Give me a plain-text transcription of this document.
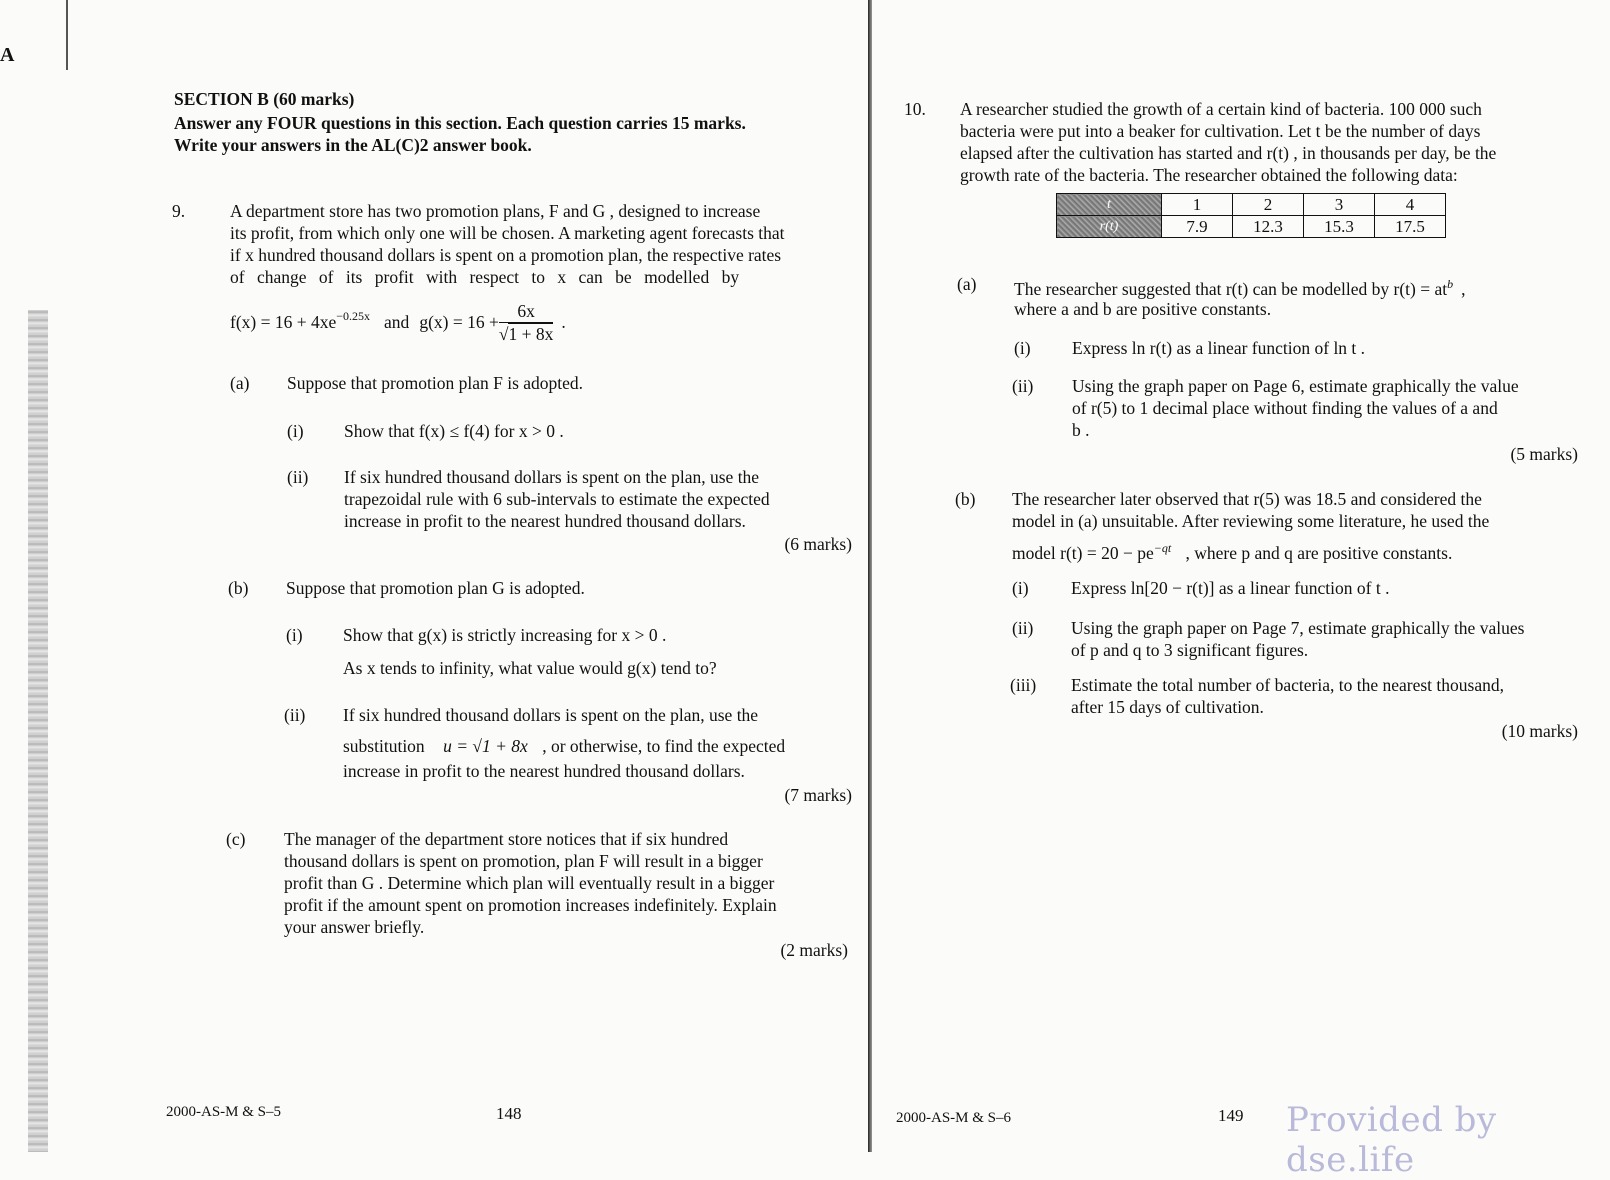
A
SECTION B (60 marks)
Answer any FOUR questions in this section. Each question carries 15 marks.
Write your answers in the AL(C)2 answer book.
9.	A department store has two promotion plans, F and G , designed to increase
its profit, from which only one will be chosen. A marketing agent forecasts that
if x hundred thousand dollars is spent on a promotion plan, the respective rates
of change of its profit with respect to x can be modelled by
$f(x) = 16 + 4xe^{-0.25x}$ and $g(x) = 16 + \frac{6x}{√1 + 8x}$ .
(a) Suppose that promotion plan F is adopted.
(i) Show that f(x) ≤ f(4) for x > 0 .
(ii) If six hundred thousand dollars is spent on the plan, use the
trapezoidal rule with 6 sub-intervals to estimate the expected
increase in profit to the nearest hundred thousand dollars.
(6 marks)
(b) Suppose that promotion plan G is adopted.
(i) Show that g(x) is strictly increasing for x > 0 .
As x tends to infinity, what value would g(x) tend to?
(ii) If six hundred thousand dollars is spent on the plan, use the
substitution u = √1 + 8x , or otherwise, to find the expected
increase in profit to the nearest hundred thousand dollars.
(7 marks)
(c) The manager of the department store notices that if six hundred
thousand dollars is spent on promotion, plan F will result in a bigger
profit than G . Determine which plan will eventually result in a bigger
profit if the amount spent on promotion increases indefinitely. Explain
your answer briefly.
(2 marks)
2000-AS-M & S–5	148
10. A researcher studied the growth of a certain kind of bacteria. 100 000 such
bacteria were put into a beaker for cultivation. Let t be the number of days
elapsed after the cultivation has started and r(t) , in thousands per day, be the
growth rate of the bacteria. The researcher obtained the following data:
t	1	2	3	4
r(t)	7.9	12.3	15.3	17.5
(a) The researcher suggested that r(t) can be modelled by $r(t) = at^b$ ,
where a and b are positive constants.
(i) Express ln r(t) as a linear function of ln t .
(ii) Using the graph paper on Page 6, estimate graphically the value
of r(5) to 1 decimal place without finding the values of a and
b .
(5 marks)
(b) The researcher later observed that r(5) was 18.5 and considered the
model in (a) unsuitable. After reviewing some literature, he used the
model $r(t) = 20 - pe^{-qt}$ , where p and q are positive constants.
(i) Express ln[20 − r(t)] as a linear function of t .
(ii) Using the graph paper on Page 7, estimate graphically the values
of p and q to 3 significant figures.
(iii) Estimate the total number of bacteria, to the nearest thousand,
after 15 days of cultivation.
(10 marks)
2000-AS-M & S–6	149 Provided by dse.life
